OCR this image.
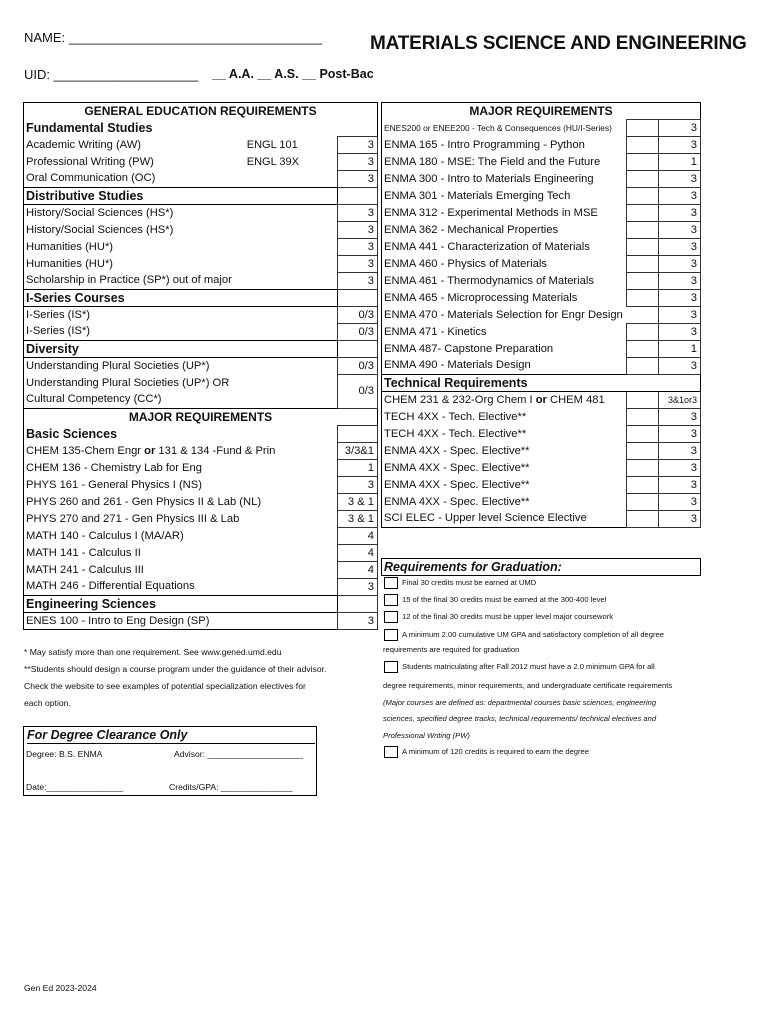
NAME: ___________________________________	MATERIALS SCIENCE AND ENGINEERING
UID: ____________________ __ A.A. __ A.S. __ Post-Bac
GENERAL EDUCATION REQUIREMENTS		
Fundamental Studies		
Academic Writing (AW)	ENGL 101	3
Professional Writing (PW)	ENGL 39X	3
Oral Communication (OC)		3
Distributive Studies		
History/Social Sciences (HS*)		3
History/Social Sciences (HS*)		3
Humanities (HU*)		3
Humanities (HU*)		3
Scholarship in Practice (SP*) out of major		3
I-Series Courses		
I-Series (IS*)		0/3
I-Series (IS*)		0/3
Diversity		
Understanding Plural Societies (UP*)		0/3
Understanding Plural Societies (UP*) OR		0/3
Cultural Competency (CC*)		
MAJOR REQUIREMENTS		
Basic Sciences		
CHEM 135-Chem Engr or 131 & 134 -Fund & Prin		3/3&1
CHEM 136 - Chemistry Lab for Eng		1
PHYS 161 - General Physics I (NS)		3
PHYS 260 and 261 - Gen Physics II & Lab (NL)		3 & 1
PHYS 270 and 271 - Gen Physics III & Lab		3 & 1
MATH 140 - Calculus I (MA/AR)		4
MATH 141 - Calculus II		4
MATH 241 - Calculus III		4
MATH 246 - Differential Equations		3
Engineering Sciences		
ENES 100 - Intro to Eng Design (SP)		3
MAJOR REQUIREMENTS		
ENES200 or ENEE200 - Tech & Consequences (HU/I-Series)		3
ENMA 165 - Intro Programming - Python		3
ENMA 180 - MSE: The Field and the Future		1
ENMA 300 - Intro to Materials Engineering		3
ENMA 301 - Materials Emerging Tech		3
ENMA 312 - Experimental Methods in MSE		3
ENMA 362 - Mechanical Properties		3
ENMA 441 - Characterization of Materials		3
ENMA 460 - Physics of Materials		3
ENMA 461 - Thermodynamics of Materials		3
ENMA 465 - Microprocessing Materials		3
ENMA 470 - Materials Selection for Engr Design		3
ENMA 471 - Kinetics		3
ENMA 487- Capstone Preparation		1
ENMA 490 - Materials Design		3
Technical Requirements		
CHEM 231 & 232-Org Chem I or CHEM 481		3&1or3
TECH 4XX - Tech. Elective**		3
TECH 4XX - Tech. Elective**		3
ENMA 4XX - Spec. Elective**		3
ENMA 4XX - Spec. Elective**		3
ENMA 4XX - Spec. Elective**		3
ENMA 4XX - Spec. Elective**		3
SCI ELEC - Upper level Science Elective		3
Requirements for Graduation:
Final 30 credits must be earned at UMD
15 of the final 30 credits must be earned at the 300-400 level
12 of the final 30 credits must be upper level major coursework
A minimum 2.00 cumulative UM GPA and satisfactory completion of all degree
requirements are required for graduation
Students matriculating after Fall 2012 must have a 2.0 minimum GPA for all
degree requirements, minor requirements, and undergraduate certificate requirements
(Major courses are defined as: departmental courses basic sciences, engineering
sciences, specified degree tracks, technical requirements/ technical electives and
Professional Writing (PW)
A minimum of 120 credits is required to earn the degree
* May satisfy more than one requirement. See www.gened.umd.edu
**Students should design a course program under the guidance of their advisor.
Check the website to see examples of potential specialization electives for
each option.
For Degree Clearance Only
Degree: B.S. ENMA	Advisor: ____________________
Date:________________	Credits/GPA: _______________
Gen Ed 2023-2024
